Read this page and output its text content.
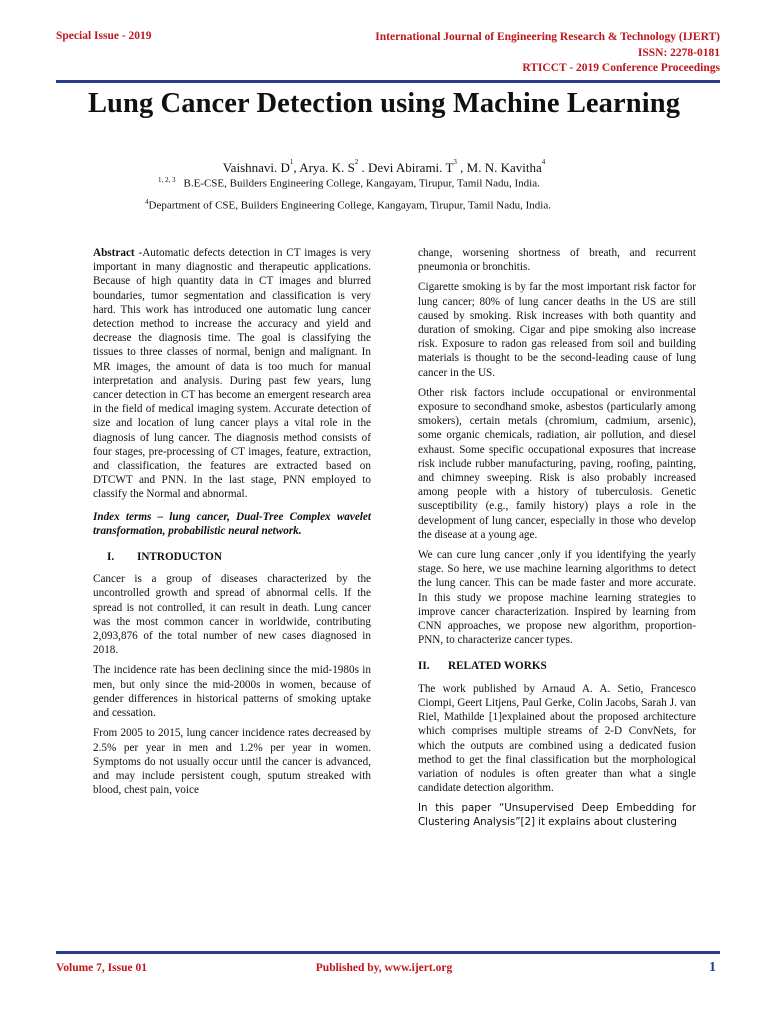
Special Issue - 2019	International Journal of Engineering Research & Technology (IJERT)
ISSN: 2278-0181
RTICCT - 2019 Conference Proceedings
Lung Cancer Detection using Machine Learning
Vaishnavi. $D^1$, Arya. K. $S^2$ . Devi Abirami. $T^3$ , M. N. Kavitha$^4$
$^{1, 2, 3}$ B.E-CSE, Builders Engineering College, Kangayam, Tirupur, Tamil Nadu, India.
$^4$Department of CSE, Builders Engineering College, Kangayam, Tirupur, Tamil Nadu, India.

Abstract -Automatic defects detection in CT images is very important in many diagnostic and therapeutic applications. Because of high quantity data in CT images and blurred boundaries, tumor segmentation and classification is very hard. This work has introduced one automatic lung cancer detection method to increase the accuracy and yield and decrease the diagnosis time. The goal is classifying the tissues to three classes of normal, benign and malignant. In MR images, the amount of data is too much for manual interpretation and analysis. During past few years, lung cancer detection in CT has become an emergent research area in the field of medical imaging system. Accurate detection of size and location of lung cancer plays a vital role in the diagnosis of lung cancer. The diagnosis method consists of four stages, pre-processing of CT images, feature, extraction, and classification, the features are extracted based on DTCWT and PNN. In the last stage, PNN employed to classify the Normal and abnormal.

Index terms – lung cancer, Dual-Tree Complex wavelet transformation, probabilistic neural network.

I. INTRODUCTON

Cancer is a group of diseases characterized by the uncontrolled growth and spread of abnormal cells. If the spread is not controlled, it can result in death. Lung cancer was the most common cancer in worldwide, contributing 2,093,876 of the total number of new cases diagnosed in 2018.

The incidence rate has been declining since the mid-1980s in men, but only since the mid-2000s in women, because of gender differences in historical patterns of smoking uptake and cessation.

From 2005 to 2015, lung cancer incidence rates decreased by 2.5% per year in men and 1.2% per year in women. Symptoms do not usually occur until the cancer is advanced, and may include persistent cough, sputum streaked with blood, chest pain, voice

change, worsening shortness of breath, and recurrent pneumonia or bronchitis.

Cigarette smoking is by far the most important risk factor for lung cancer; 80% of lung cancer deaths in the US are still caused by smoking. Risk increases with both quantity and duration of smoking. Cigar and pipe smoking also increase risk. Exposure to radon gas released from soil and building materials is thought to be the second-leading cause of lung cancer in the US.

Other risk factors include occupational or environmental exposure to secondhand smoke, asbestos (particularly among smokers), certain metals (chromium, cadmium, arsenic), some organic chemicals, radiation, air pollution, and diesel exhaust. Some specific occupational exposures that increase risk include rubber manufacturing, paving, roofing, painting, and chimney sweeping. Risk is also probably increased among people with a history of tuberculosis. Genetic susceptibility (e.g., family history) plays a role in the development of lung cancer, especially in those who develop the disease at a young age.

We can cure lung cancer ,only if you identifying the yearly stage. So here, we use machine learning algorithms to detect the lung cancer. This can be made faster and more accurate. In this study we propose machine learning strategies to improve cancer characterization. Inspired by learning from CNN approaches, we propose new algorithm, proportion-PNN, to characterize cancer types.

II. RELATED WORKS

The work published by Arnaud A. A. Setio, Francesco Ciompi, Geert Litjens, Paul Gerke, Colin Jacobs, Sarah J. van Riel, Mathilde [1]explained about the proposed architecture which comprises multiple streams of 2-D ConvNets, for which the outputs are combined using a dedicated fusion method to get the final classification but the morphological variation of nodules is often greater than what a single candidate detection algorithm.

In this paper “Unsupervised Deep Embedding for Clustering Analysis”[2] it explains about clustering

Volume 7, Issue 01	Published by, www.ijert.org	1
